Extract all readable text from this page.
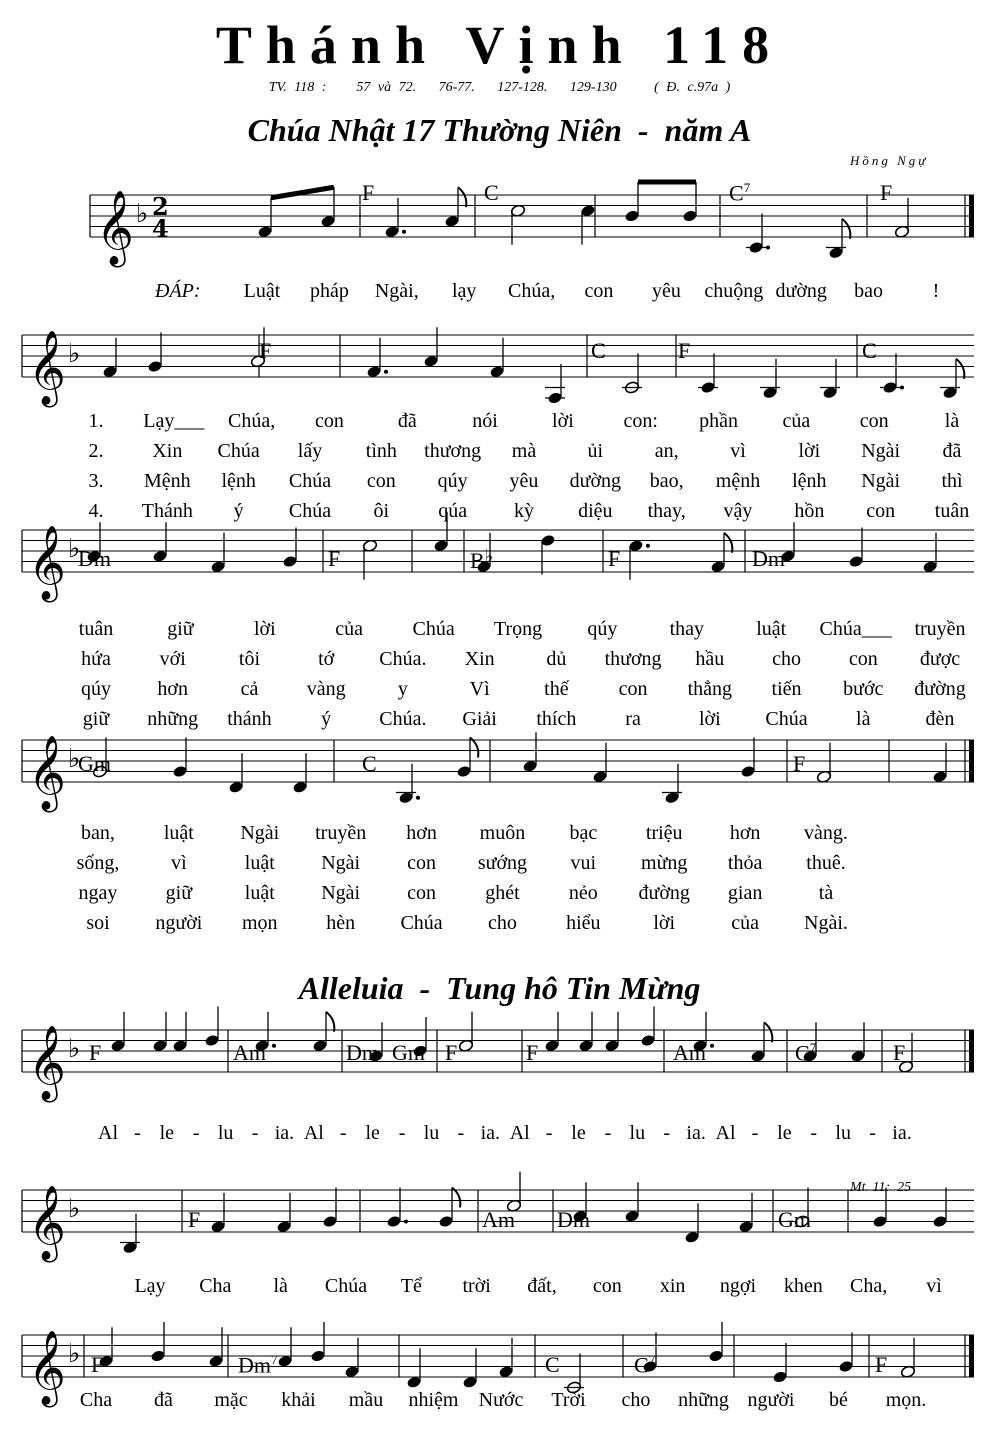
Thánh Vịnh 118
TV. 118 :    57 và 72.   76-77.   127-128.   129-130     ( Đ. c.97a )
Chúa Nhật 17 Thường Niên  -  năm A
Hồng Ngự
Alleluia  -  Tung hô Tin Mừng
Mt. 11:  25
𝄞 ♭ 2
4
𝄞 ♭
𝄞 ♭
𝄞 ♭
𝄞 ♭
𝄞 ♭
𝄞 ♭
F	C	$C^7$	F
F	C	F	C
Dm	F	B♭	F	Dm
Gm	C	F
F	Am	Dm Gm F	F	Am	$C^7$	F
F	Am Dm	Gm
F	Dm$^7$	C	$C^7$	F
ĐÁP: Luật pháp Ngài, lạy Chúa, con yêu chuộng dường bao !
1. Lạy___ Chúa, con	đã	nói	lời con: phần của con	là
2. Xin Chúa lấy tình thương mà	ủi	an,	vì	lời Ngài đã
3. Mệnh lệnh Chúa con qúy yêu dường bao, mệnh lệnh Ngài thì
4. Thánh ý Chúa ôi qúa kỳ diệu thay, vậy hồn con tuân
tuân	giữ	lời	của Chúa Trọng qúy	thay	luật Chúa___ truyền
hứa với	tôi	tớ Chúa. Xin	dủ thương hầu cho con được
qúy hơn	cả vàng	y	Vì	thế	con thẳng tiến bước đường
giữ những thánh ý Chúa. Giải thích ra	lời Chúa là	đèn
ban, luật Ngài truyền hơn muôn bạc triệu hơn vàng.
sống,	vì	luật Ngài con sướng vui mừng thỏa thuê.
ngay giữ	luật Ngài con ghét nẻo đường gian	tà
soi người mọn hèn Chúa cho hiểu	lời	của Ngài.
Al - le - lu - ia. Al - le - lu - ia. Al - le - lu - ia. Al - le - lu - ia.
Lạy Cha là Chúa Tể trời đất, con xin ngợi khen Cha, vì
Cha đã mặc khải mầu nhiệm Nước Trời cho những người bé mọn.
